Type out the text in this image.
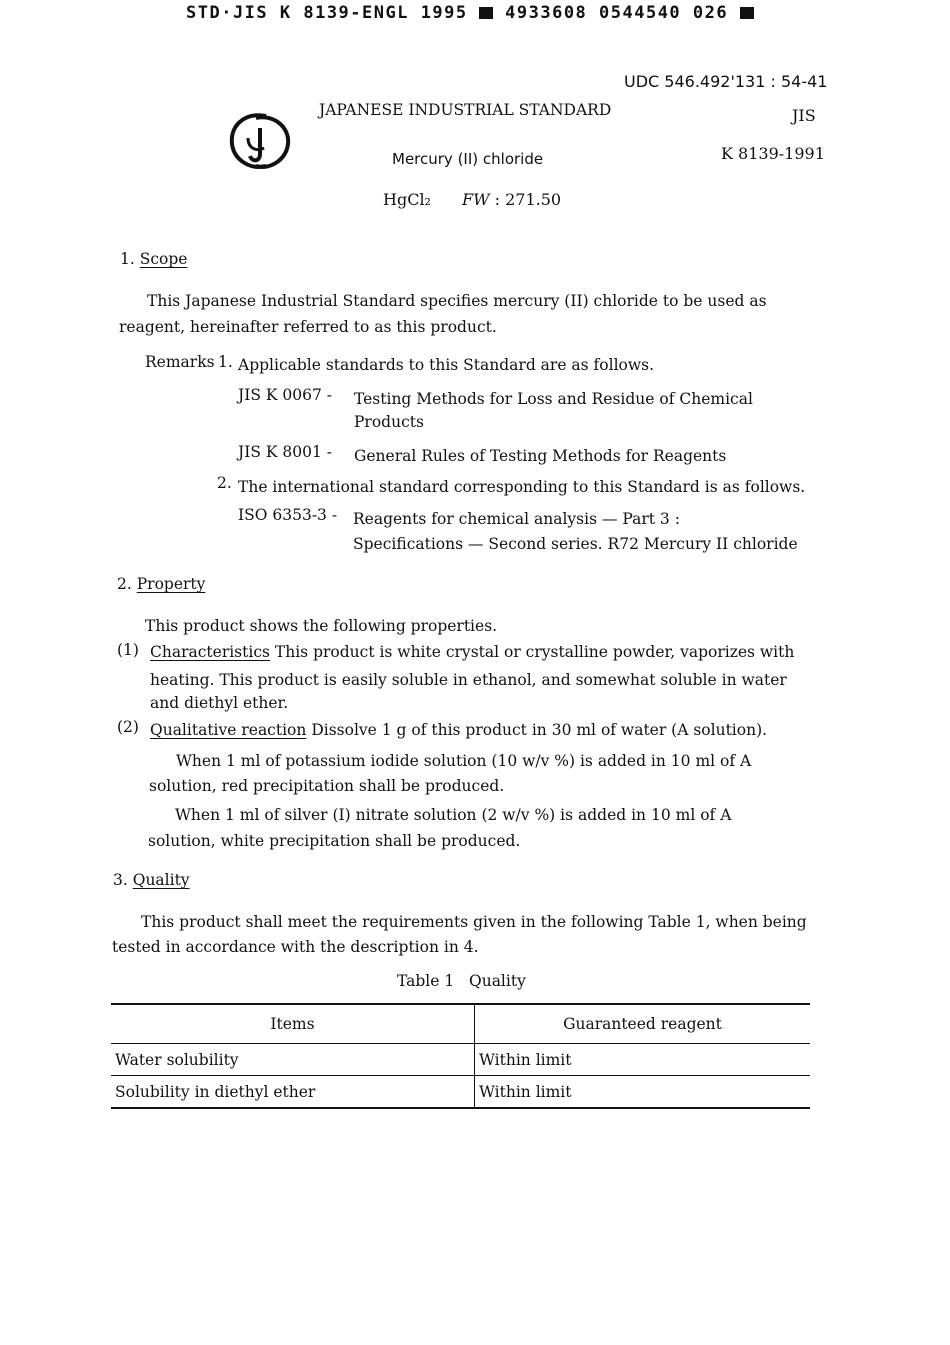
STD·JIS K 8139-ENGL 1995 4933608 0544540 026
UDC 546.492'131 : 54-41
JAPANESE INDUSTRIAL STANDARD	JIS
K 8139-1991
Mercury (II) chloride
HgCl₂ FW : 271.50
1. Scope
This Japanese Industrial Standard specifies mercury (II) chloride to be used as
reagent, hereinafter referred to as this product.
Remarks 1. Applicable standards to this Standard are as follows.
JIS K 0067 - Testing Methods for Loss and Residue of Chemical
Products
JIS K 8001 - General Rules of Testing Methods for Reagents
2. The international standard corresponding to this Standard is as follows.
ISO 6353-3 - Reagents for chemical analysis — Part 3 :
Specifications — Second series. R72 Mercury II chloride
2. Property
This product shows the following properties.
(1) Characteristics This product is white crystal or crystalline powder, vaporizes with
heating. This product is easily soluble in ethanol, and somewhat soluble in water
and diethyl ether.
(2) Qualitative reaction Dissolve 1 g of this product in 30 ml of water (A solution).
When 1 ml of potassium iodide solution (10 w/v %) is added in 10 ml of A
solution, red precipitation shall be produced.
When 1 ml of silver (I) nitrate solution (2 w/v %) is added in 10 ml of A
solution, white precipitation shall be produced.
3. Quality
This product shall meet the requirements given in the following Table 1, when being
tested in accordance with the description in 4.
Table 1   Quality
Items	Guaranteed reagent
Water solubility	Within limit
Solubility in diethyl ether	Within limit
